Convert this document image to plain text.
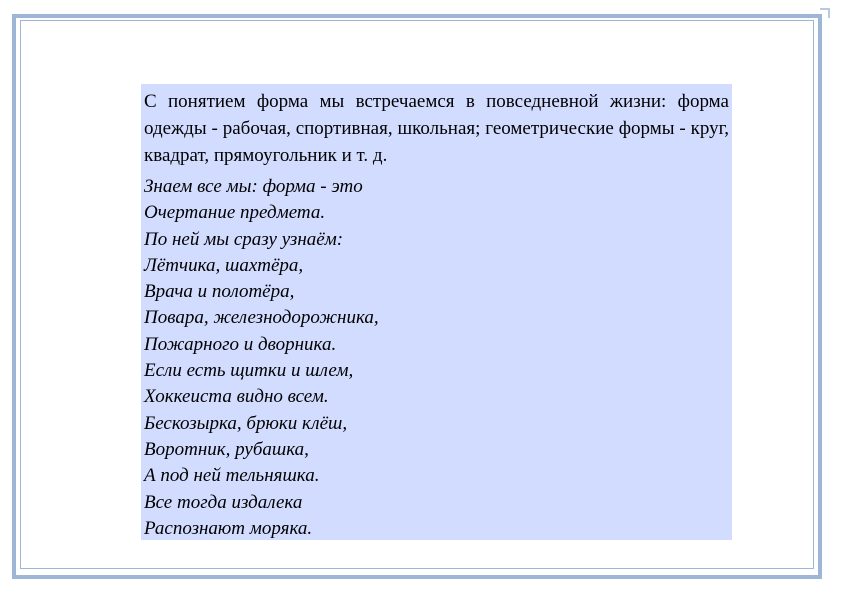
С понятием форма мы встречаемся в повседневной жизни: форма одежды - рабочая, спортивная, школьная; геометрические формы - круг, квадрат, прямоугольник и т. д.

Знаем все мы: форма - это
Очертание предмета.
По ней мы сразу узнаём:
Лётчика, шахтёра,
Врача и полотёра,
Повара, железнодорожника,
Пожарного и дворника.
Если есть щитки и шлем,
Хоккеиста видно всем.
Бескозырка, брюки клёш,
Воротник, рубашка,
А под ней тельняшка.
Все тогда издалека
Распознают моряка.
